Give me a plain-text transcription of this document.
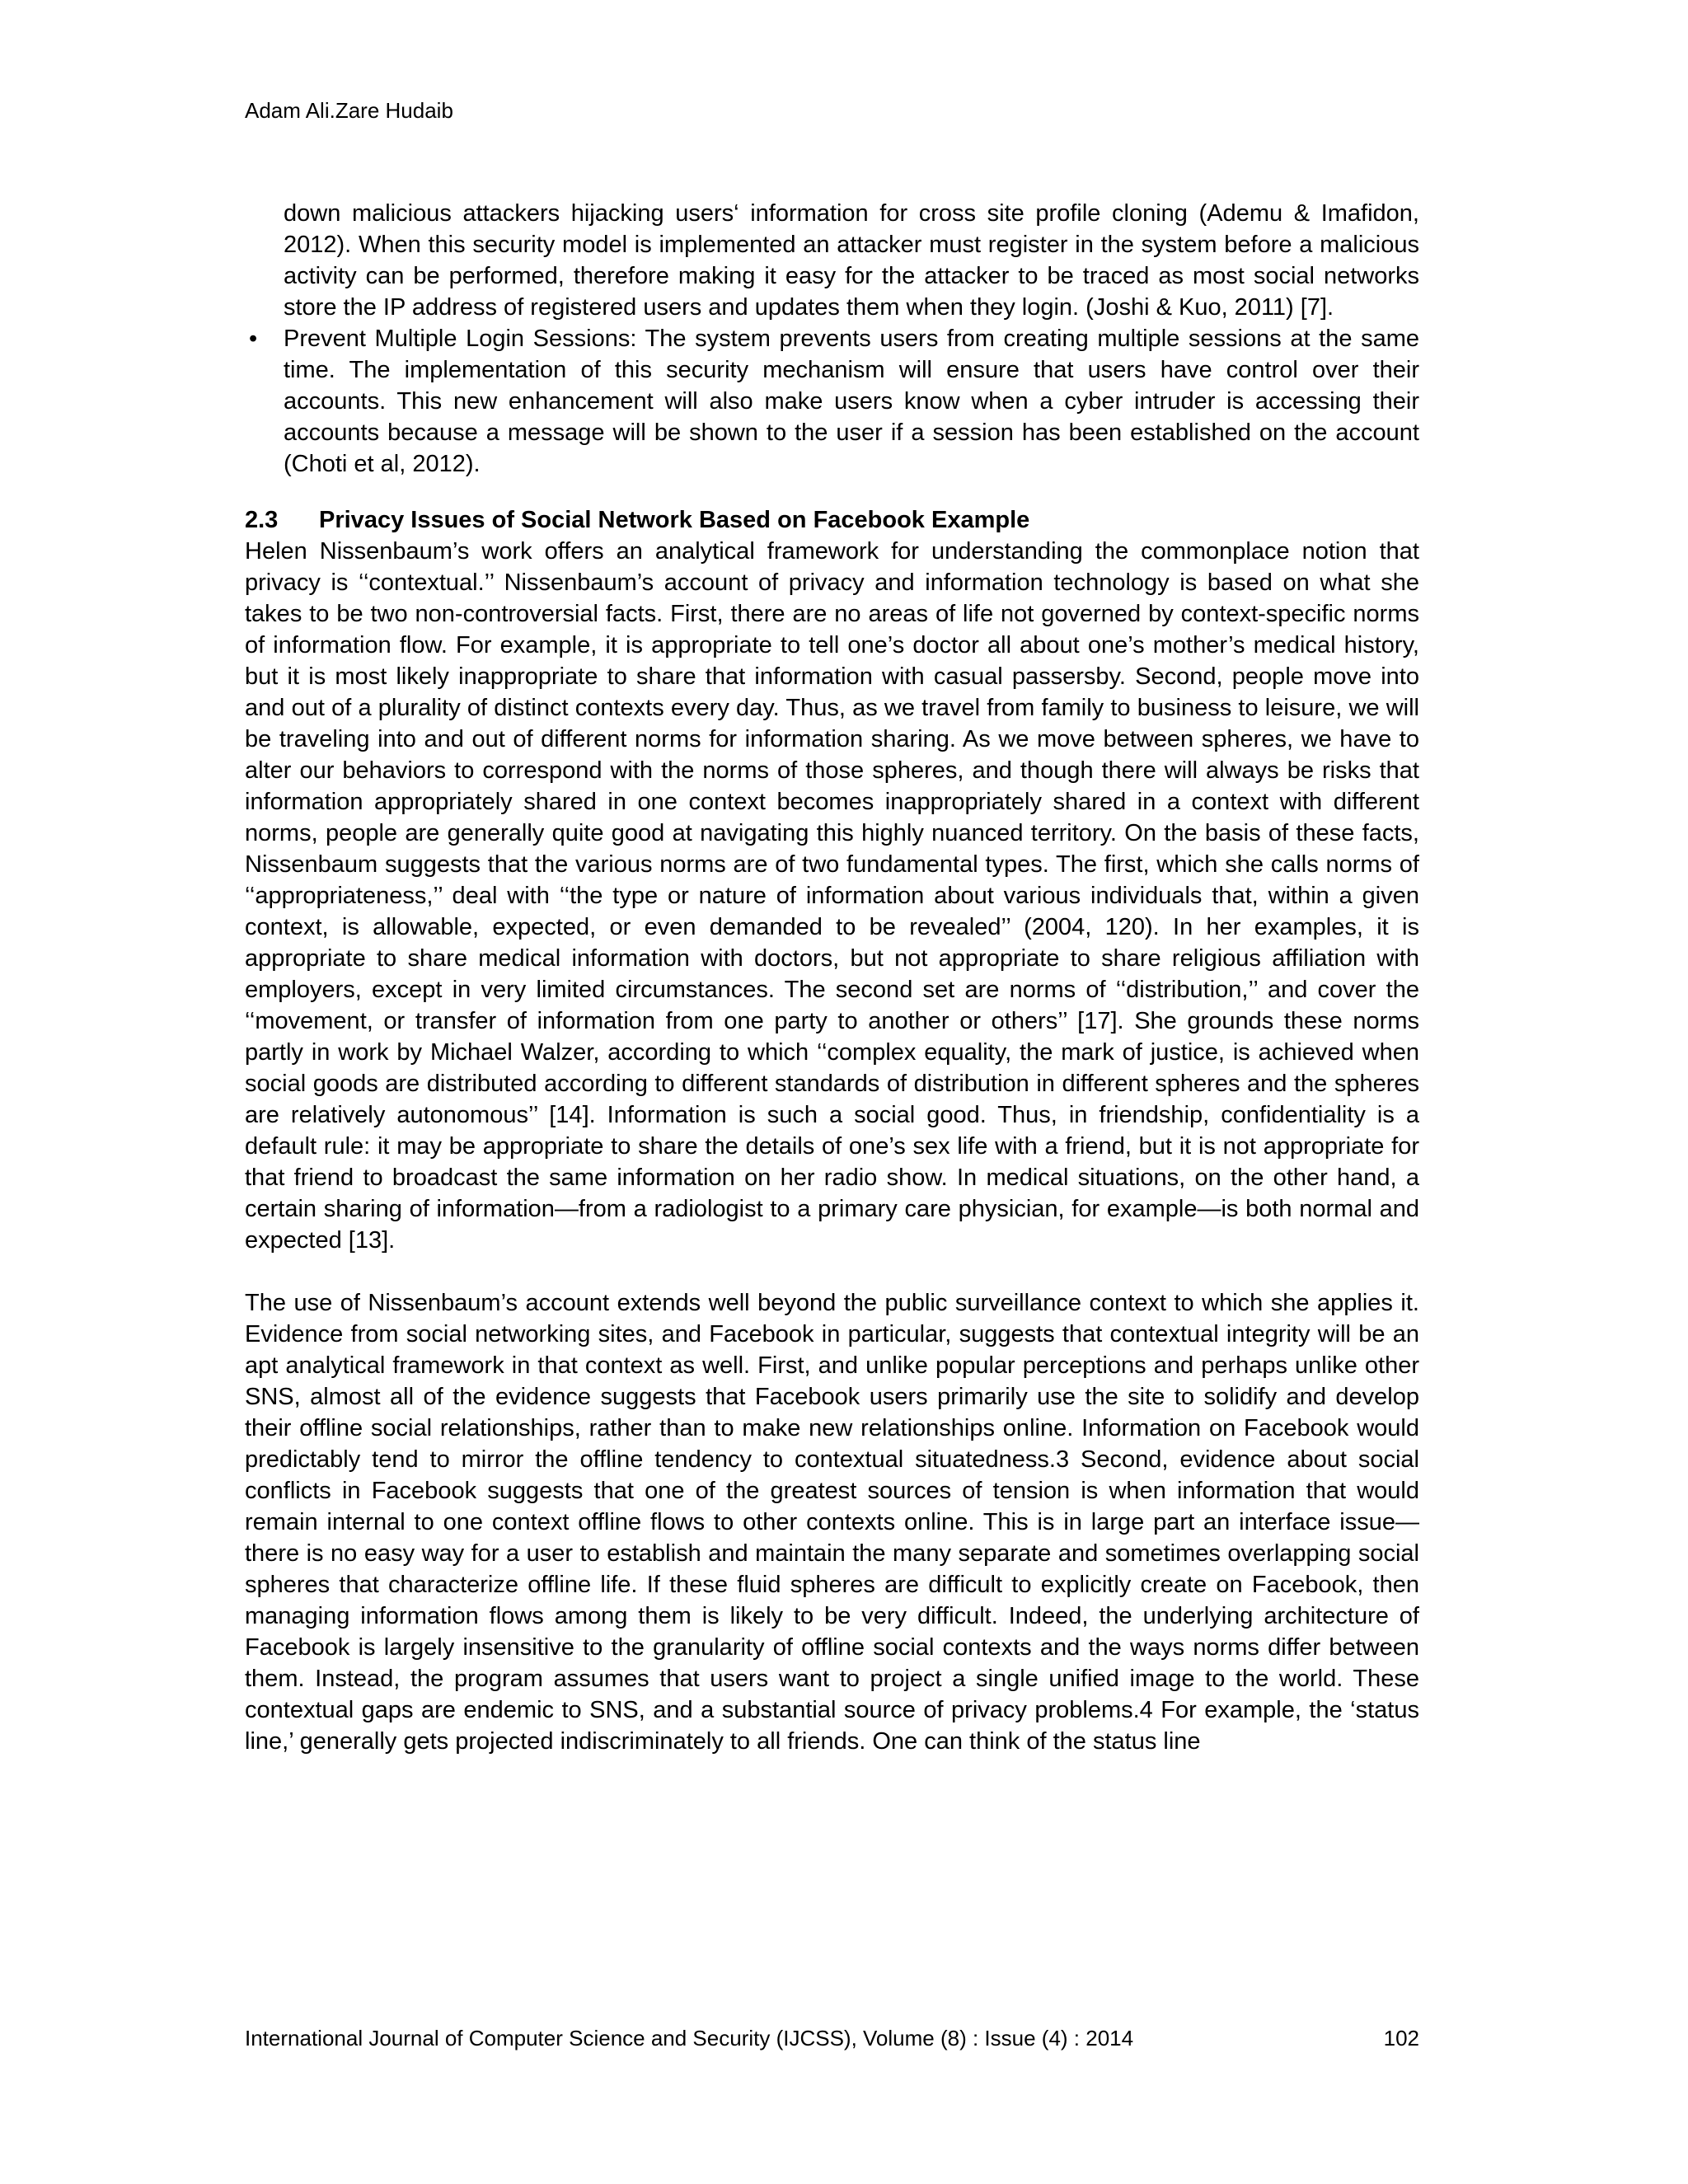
Adam Ali.Zare Hudaib

down malicious attackers hijacking users‘ information for cross site profile cloning (Ademu & Imafidon, 2012). When this security model is implemented an attacker must register in the system before a malicious activity can be performed, therefore making it easy for the attacker to be traced as most social networks store the IP address of registered users and updates them when they login. (Joshi & Kuo, 2011) [7].

• Prevent Multiple Login Sessions: The system prevents users from creating multiple sessions at the same time. The implementation of this security mechanism will ensure that users have control over their accounts. This new enhancement will also make users know when a cyber intruder is accessing their accounts because a message will be shown to the user if a session has been established on the account (Choti et al, 2012).
2.3 Privacy Issues of Social Network Based on Facebook Example

Helen Nissenbaum’s work offers an analytical framework for understanding the commonplace notion that privacy is ‘‘contextual.’’ Nissenbaum’s account of privacy and information technology is based on what she takes to be two non-controversial facts. First, there are no areas of life not governed by context-specific norms of information flow. For example, it is appropriate to tell one’s doctor all about one’s mother’s medical history, but it is most likely inappropriate to share that information with casual passersby. Second, people move into and out of a plurality of distinct contexts every day. Thus, as we travel from family to business to leisure, we will be traveling into and out of different norms for information sharing. As we move between spheres, we have to alter our behaviors to correspond with the norms of those spheres, and though there will always be risks that information appropriately shared in one context becomes inappropriately shared in a context with different norms, people are generally quite good at navigating this highly nuanced territory. On the basis of these facts, Nissenbaum suggests that the various norms are of two fundamental types. The first, which she calls norms of ‘‘appropriateness,’’ deal with ‘‘the type or nature of information about various individuals that, within a given context, is allowable, expected, or even demanded to be revealed’’ (2004, 120). In her examples, it is appropriate to share medical information with doctors, but not appropriate to share religious affiliation with employers, except in very limited circumstances. The second set are norms of ‘‘distribution,’’ and cover the ‘‘movement, or transfer of information from one party to another or others’’ [17]. She grounds these norms partly in work by Michael Walzer, according to which ‘‘complex equality, the mark of justice, is achieved when social goods are distributed according to different standards of distribution in different spheres and the spheres are relatively autonomous’’ [14]. Information is such a social good. Thus, in friendship, confidentiality is a default rule: it may be appropriate to share the details of one’s sex life with a friend, but it is not appropriate for that friend to broadcast the same information on her radio show. In medical situations, on the other hand, a certain sharing of information—from a radiologist to a primary care physician, for example—is both normal and expected [13].

The use of Nissenbaum’s account extends well beyond the public surveillance context to which she applies it. Evidence from social networking sites, and Facebook in particular, suggests that contextual integrity will be an apt analytical framework in that context as well. First, and unlike popular perceptions and perhaps unlike other SNS, almost all of the evidence suggests that Facebook users primarily use the site to solidify and develop their offline social relationships, rather than to make new relationships online. Information on Facebook would predictably tend to mirror the offline tendency to contextual situatedness.3 Second, evidence about social conflicts in Facebook suggests that one of the greatest sources of tension is when information that would remain internal to one context offline flows to other contexts online. This is in large part an interface issue—there is no easy way for a user to establish and maintain the many separate and sometimes overlapping social spheres that characterize offline life. If these fluid spheres are difficult to explicitly create on Facebook, then managing information flows among them is likely to be very difficult. Indeed, the underlying architecture of Facebook is largely insensitive to the granularity of offline social contexts and the ways norms differ between them. Instead, the program assumes that users want to project a single unified image to the world. These contextual gaps are endemic to SNS, and a substantial source of privacy problems.4 For example, the ‘status line,’ generally gets projected indiscriminately to all friends. One can think of the status line

International Journal of Computer Science and Security (IJCSS), Volume (8) : Issue (4) : 2014	102
